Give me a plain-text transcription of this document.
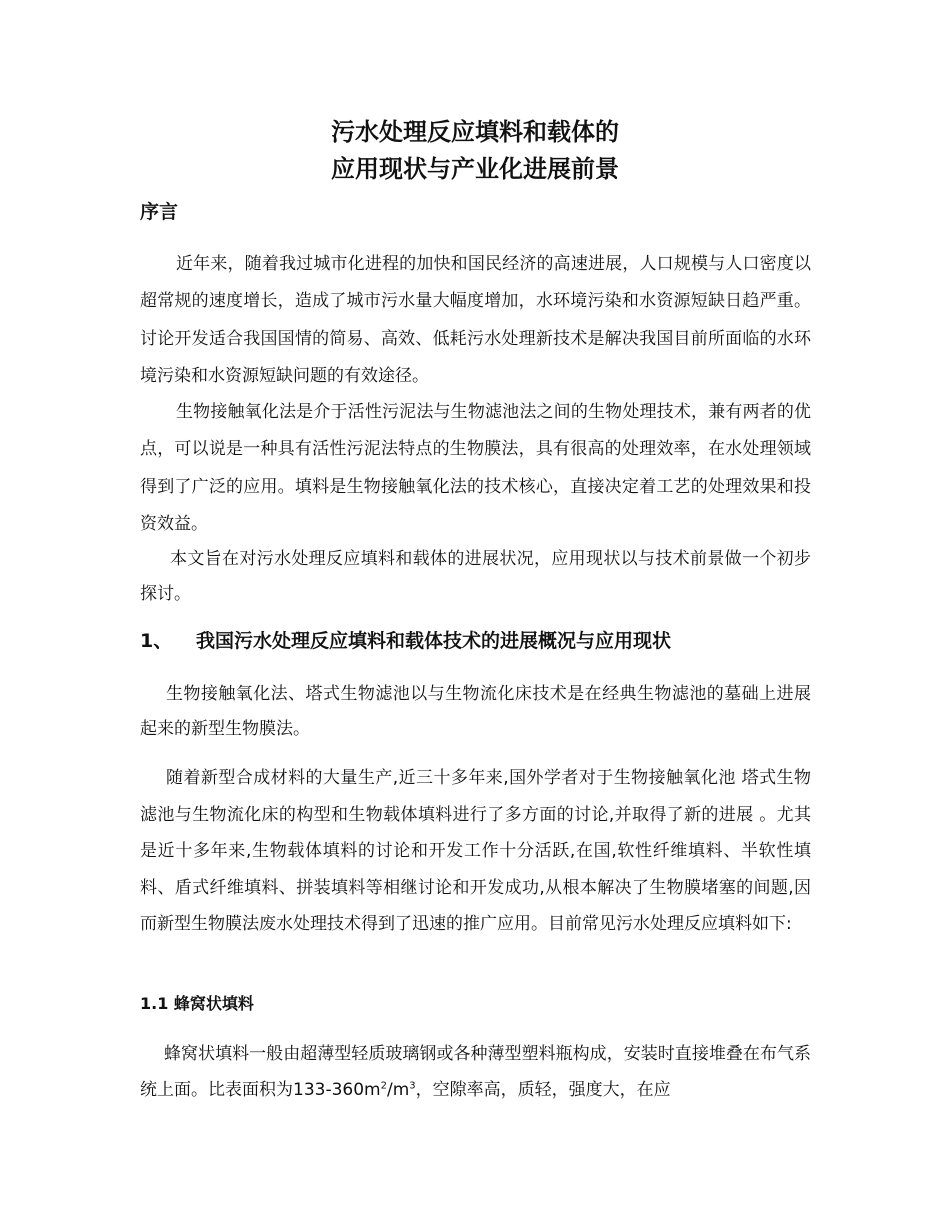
污水处理反应填料和载体的
应用现状与产业化进展前景
序言

近年来，随着我过城市化进程的加快和国民经济的高速进展，人口规模与人口密度以超常规的速度增长，造成了城市污水量大幅度增加，水环境污染和水资源短缺日趋严重。讨论开发适合我国国情的简易、高效、低耗污水处理新技术是解决我国目前所面临的水环境污染和水资源短缺问题的有效途径。

生物接触氧化法是介于活性污泥法与生物滤池法之间的生物处理技术，兼有两者的优点，可以说是一种具有活性污泥法特点的生物膜法，具有很高的处理效率，在水处理领域得到了广泛的应用。填料是生物接触氧化法的技术核心，直接决定着工艺的处理效果和投资效益。

本文旨在对污水处理反应填料和载体的进展状况，应用现状以与技术前景做一个初步探讨。

1、 我国污水处理反应填料和载体技术的进展概况与应用现状

生物接触氧化法、塔式生物滤池以与生物流化床技术是在经典生物滤池的墓础上进展起来的新型生物膜法。

随着新型合成材料的大量生产,近三十多年来,国外学者对于生物接触氧化池 塔式生物滤池与生物流化床的构型和生物载体填料进行了多方面的讨论,并取得了新的进展 。尤其是近十多年来,生物载体填料的讨论和开发工作十分活跃,在国,软性纤维填料、半软性填料、盾式纤维填料、拼装填料等相继讨论和开发成功,从根本解决了生物膜堵塞的间题,因而新型生物膜法废水处理技术得到了迅速的推广应用。目前常见污水处理反应填料如下:

1.1 蜂窝状填料

蜂窝状填料一般由超薄型轻质玻璃钢或各种薄型塑料瓶构成，安装时直接堆叠在布气系统上面。比表面积为$133-360m^2/m^3$，空隙率高，质轻，强度大，在应
